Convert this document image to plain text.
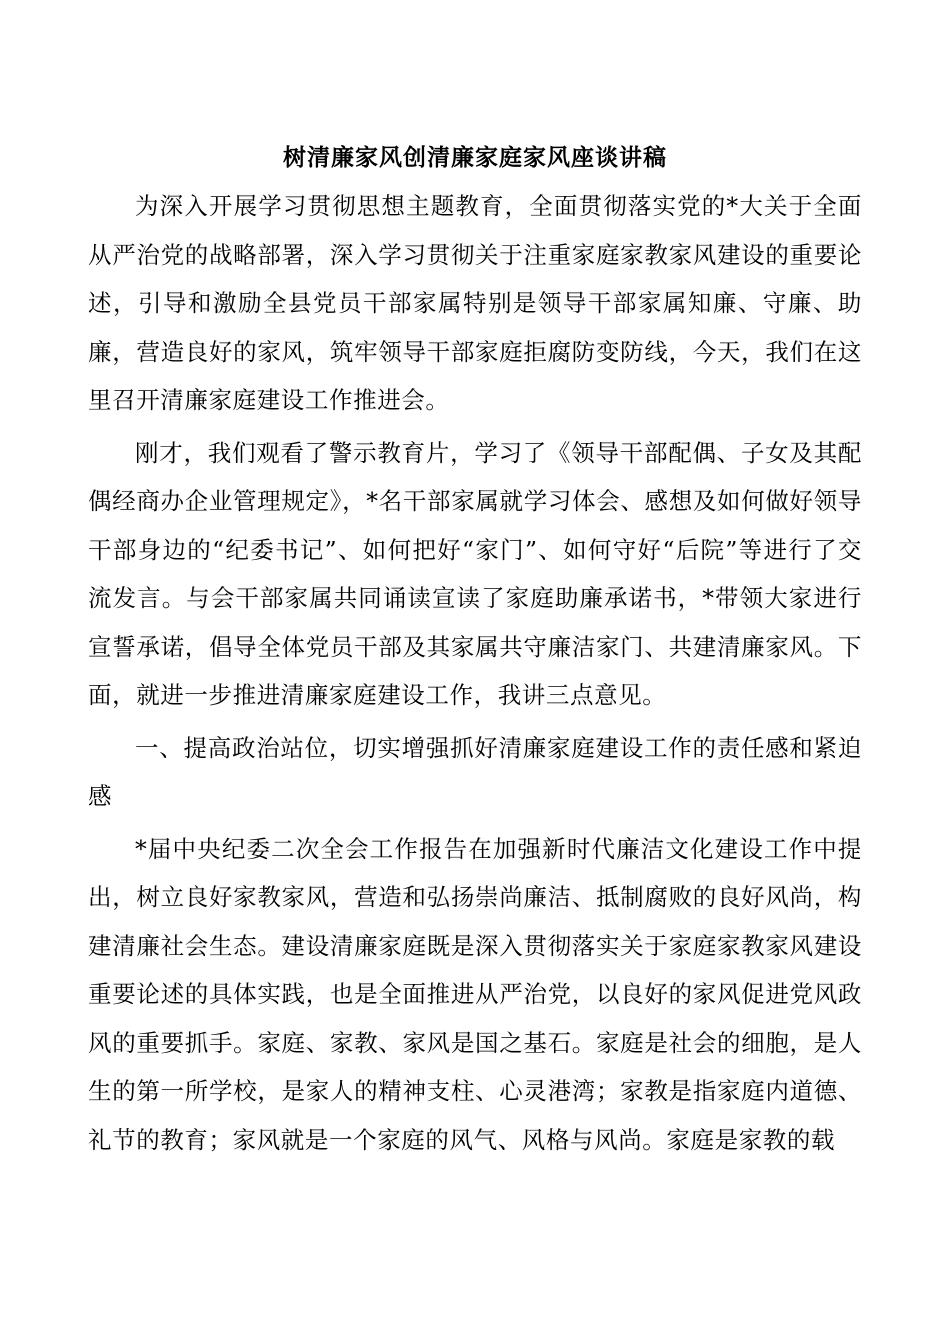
树清廉家风创清廉家庭家风座谈讲稿

为深入开展学习贯彻思想主题教育，全面贯彻落实党的*大关于全面从严治党的战略部署，深入学习贯彻关于注重家庭家教家风建设的重要论述，引导和激励全县党员干部家属特别是领导干部家属知廉、守廉、助廉，营造良好的家风，筑牢领导干部家庭拒腐防变防线，今天，我们在这里召开清廉家庭建设工作推进会。

刚才，我们观看了警示教育片，学习了《领导干部配偶、子女及其配偶经商办企业管理规定》，*名干部家属就学习体会、感想及如何做好领导干部身边的“纪委书记”、如何把好“家门”、如何守好“后院”等进行了交流发言。与会干部家属共同诵读宣读了家庭助廉承诺书，*带领大家进行宣誓承诺，倡导全体党员干部及其家属共守廉洁家门、共建清廉家风。下面，就进一步推进清廉家庭建设工作，我讲三点意见。

一、提高政治站位，切实增强抓好清廉家庭建设工作的责任感和紧迫感

*届中央纪委二次全会工作报告在加强新时代廉洁文化建设工作中提出，树立良好家教家风，营造和弘扬崇尚廉洁、抵制腐败的良好风尚，构建清廉社会生态。建设清廉家庭既是深入贯彻落实关于家庭家教家风建设重要论述的具体实践，也是全面推进从严治党，以良好的家风促进党风政风的重要抓手。家庭、家教、家风是国之基石。家庭是社会的细胞，是人生的第一所学校，是家人的精神支柱、心灵港湾；家教是指家庭内道德、礼节的教育；家风就是一个家庭的风气、风格与风尚。家庭是家教的载
